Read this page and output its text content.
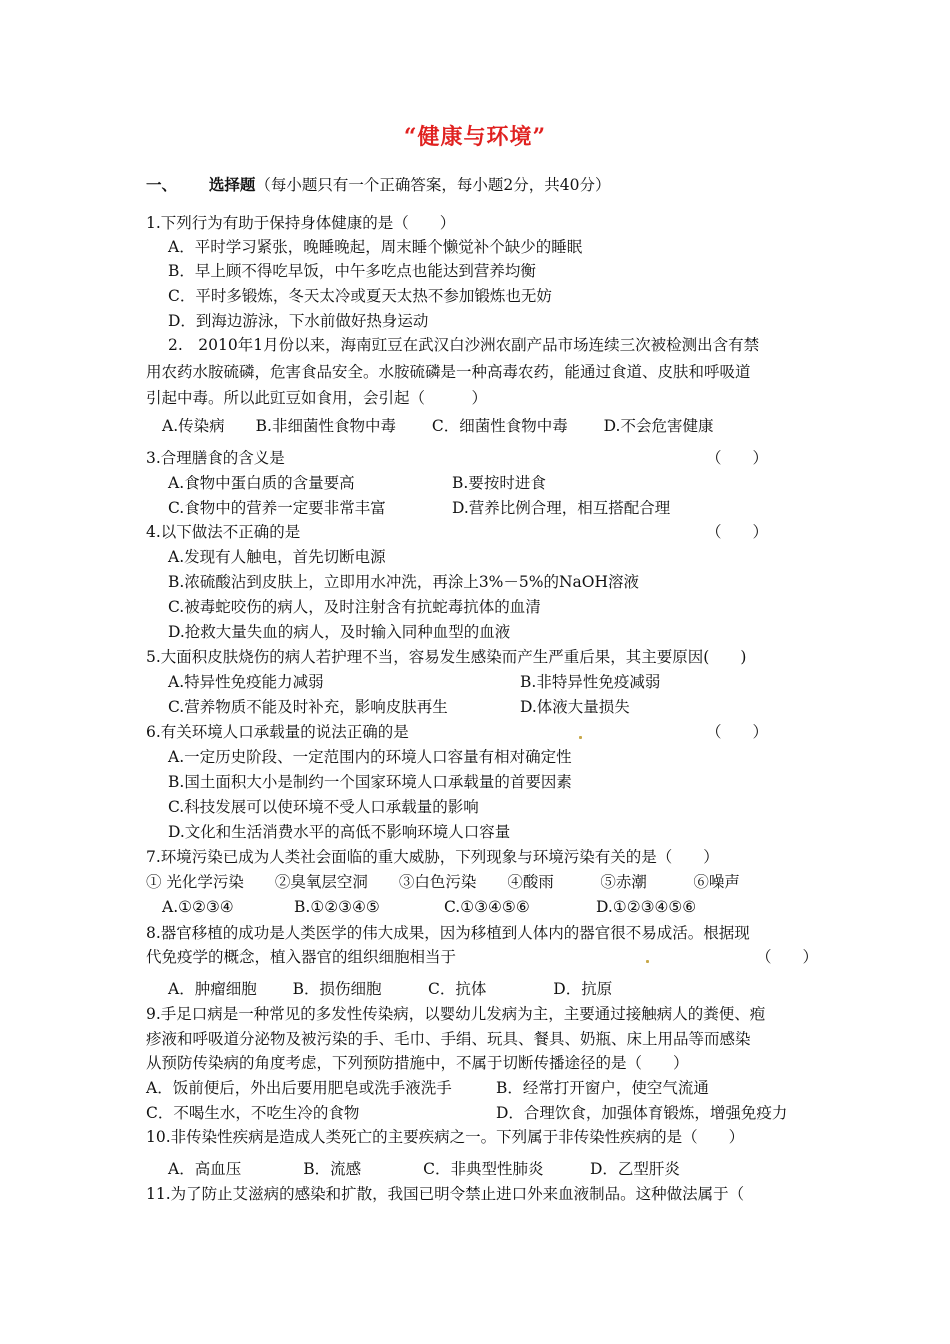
“健康与环境”
一、 选择题（每小题只有一个正确答案，每小题2分，共40分）
1.下列行为有助于保持身体健康的是（　　）
A．平时学习紧张，晚睡晚起，周末睡个懒觉补个缺少的睡眠
B．早上顾不得吃早饭，中午多吃点也能达到营养均衡
C．平时多锻炼，冬天太冷或夏天太热不参加锻炼也无妨
D．到海边游泳，下水前做好热身运动
2.　2010年1月份以来，海南豇豆在武汉白沙洲农副产品市场连续三次被检测出含有禁
用农药水胺硫磷，危害食品安全。水胺硫磷是一种高毒农药，能通过食道、皮肤和呼吸道
引起中毒。所以此豇豆如食用，会引起（　　　）
A.传染病　　B.非细菌性食物中毒　　 C．细菌性食物中毒　　 D.不会危害健康
3.合理膳食的含义是	（　　）
A.食物中蛋白质的含量要高	B.要按时进食
C.食物中的营养一定要非常丰富	D.营养比例合理，相互搭配合理
4.以下做法不正确的是	（　　）
A.发现有人触电，首先切断电源
B.浓硫酸沾到皮肤上，立即用水冲洗，再涂上3%－5%的NaOH溶液
C.被毒蛇咬伤的病人，及时注射含有抗蛇毒抗体的血清
D.抢救大量失血的病人，及时输入同种血型的血液
5.大面积皮肤烧伤的病人若护理不当，容易发生感染而产生严重后果，其主要原因(　　)
A.特异性免疫能力减弱	B.非特异性免疫减弱
C.营养物质不能及时补充，影响皮肤再生	D.体液大量损失
6.有关环境人口承载量的说法正确的是	（　　）
A.一定历史阶段、一定范围内的环境人口容量有相对确定性
B.国土面积大小是制约一个国家环境人口承载量的首要因素
C.科技发展可以使环境不受人口承载量的影响
D.文化和生活消费水平的高低不影响环境人口容量
7.环境污染已成为人类社会面临的重大威胁，下列现象与环境污染有关的是（　　）
① 光化学污染　　②臭氧层空洞　　③白色污染　　④酸雨　　　⑤赤潮　　　⑥噪声
A.①②③④	B.①②③④⑤	C.①③④⑤⑥	D.①②③④⑤⑥
8.器官移植的成功是人类医学的伟大成果，因为移植到人体内的器官很不易成活。根据现
代免疫学的概念，植入器官的组织细胞相当于	（　　）
A．肿瘤细胞　　 B．损伤细胞　　　C．抗体　　　　 D．抗原
9.手足口病是一种常见的多发性传染病，以婴幼儿发病为主，主要通过接触病人的粪便、疱
疹液和呼吸道分泌物及被污染的手、毛巾、手绢、玩具、餐具、奶瓶、床上用品等而感染
从预防传染病的角度考虑，下列预防措施中，不属于切断传播途径的是（　　）
A．饭前便后，外出后要用肥皂或洗手液洗手	B．经常打开窗户，使空气流通
C．不喝生水，不吃生冷的食物	D．合理饮食，加强体育锻炼，增强免疫力
10.非传染性疾病是造成人类死亡的主要疾病之一。下列属于非传染性疾病的是（　　）
A．高血压　　　　B．流感　　　　C．非典型性肺炎　　　D．乙型肝炎
11.为了防止艾滋病的感染和扩散，我国已明令禁止进口外来血液制品。这种做法属于（
